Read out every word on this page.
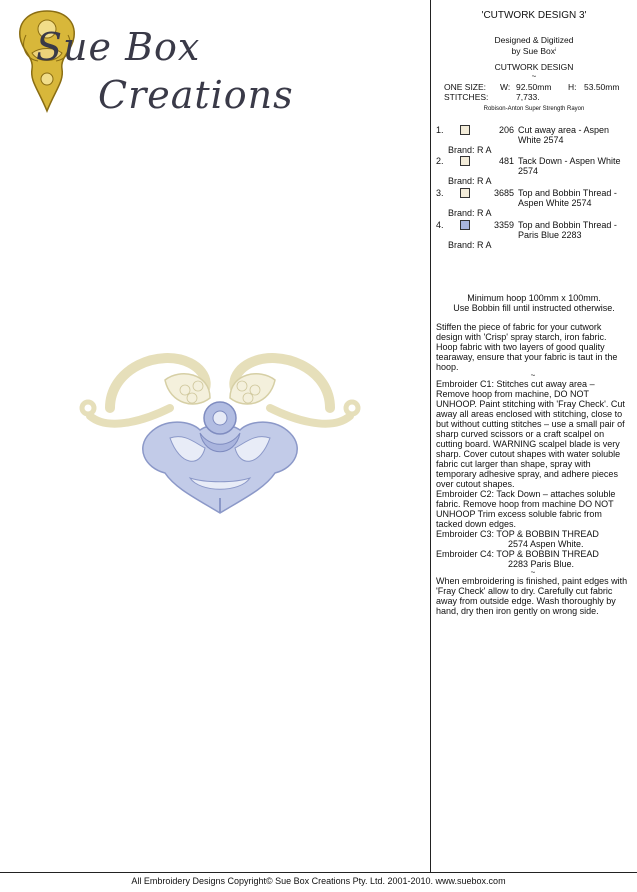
Sue Box
Creations
'CUTWORK DESIGN 3'
Designed & Digitized
by Sue Boxⁱ
CUTWORK DESIGN
~
ONE SIZE: W: 92.50mm H: 53.50mm
STITCHES:	7,733.
Robison-Anton Super Strength Rayon
1.	206 Cut away area - Aspen White 2574
Brand: R A
2.	481 Tack Down - Aspen White 2574
Brand: R A
3.	3685 Top and Bobbin Thread - Aspen White 2574
Brand: R A
4.	3359 Top and Bobbin Thread - Paris Blue 2283
Brand: R A
Minimum hoop 100mm x 100mm.
Use Bobbin fill until instructed otherwise.

Stiffen the piece of fabric for your cutwork design with 'Crisp' spray starch, iron fabric. Hoop fabric with two layers of good quality tearaway, ensure that your fabric is taut in the hoop.

~

Embroider C1: Stitches cut away area – Remove hoop from machine, DO NOT UNHOOP. Paint stitching with 'Fray Check'. Cut away all areas enclosed with stitching, close to but without cutting stitches – use a small pair of sharp curved scissors or a craft scalpel on cutting board. WARNING scalpel blade is very sharp. Cover cutout shapes with water soluble fabric cut larger than shape, spray with temporary adhesive spray, and adhere pieces over cutout shapes.

Embroider C2: Tack Down – attaches soluble fabric. Remove hoop from machine DO NOT UNHOOP Trim excess soluble fabric from tacked down edges.

Embroider C3: TOP & BOBBIN THREAD

2574 Aspen White.

Embroider C4: TOP & BOBBIN THREAD

2283 Paris Blue.

~

When embroidering is finished, paint edges with 'Fray Check' allow to dry. Carefully cut fabric away from outside edge. Wash thoroughly by hand, dry then iron gently on wrong side.

All Embroidery Designs Copyright© Sue Box Creations Pty. Ltd. 2001-2010. www.suebox.com
